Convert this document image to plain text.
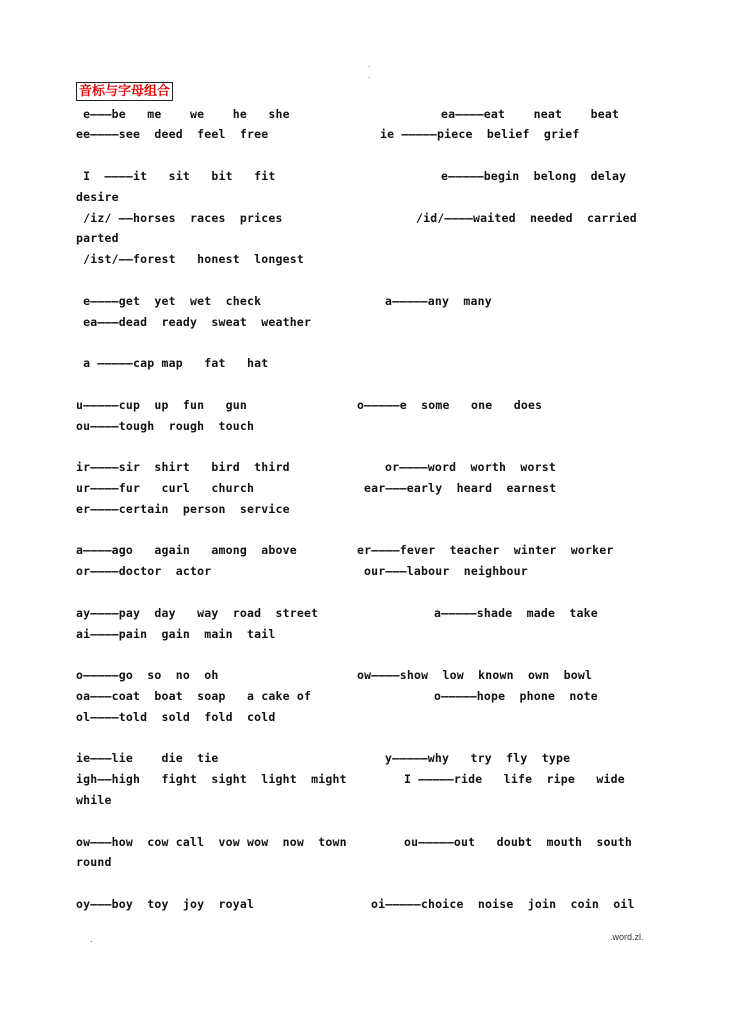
.
.
音标与字母组合
e———be   me    we    he   she	ea————eat    neat    beat
ee————see  deed  feel  free	ie —————piece  belief  grief
I  ————it   sit   bit   fit	e—————begin  belong  delay
desire
/iz/ ——horses  races  prices	/id/————waited  needed  carried
parted
/ist/——forest   honest  longest
e————get  yet  wet  check	a—————any  many
ea———dead  ready  sweat  weather
a —————cap map   fat   hat
u—————cup  up  fun   gun	o—————e  some   one   does
ou————tough  rough  touch
ir————sir  shirt   bird  third	or————word  worth  worst
ur————fur   curl   church	ear———early  heard  earnest
er————certain  person  service
a————ago   again   among  above	er————fever  teacher  winter  worker
or————doctor  actor	our———labour  neighbour
ay————pay  day   way  road  street	a—————shade  made  take
ai————pain  gain  main  tail
o—————go  so  no  oh	ow————show  low  known  own  bowl
oa———coat  boat  soap   a cake of	o—————hope  phone  note
ol————told  sold  fold  cold
ie———lie    die  tie	y—————why   try  fly  type
igh——high   fight  sight  light  might	I —————ride   life  ripe   wide
while
ow———how  cow call  vow wow  now  town	ou—————out   doubt  mouth  south
round
oy———boy  toy  joy  royal	oi—————choice  noise  join  coin  oil
.	.word.zl.
